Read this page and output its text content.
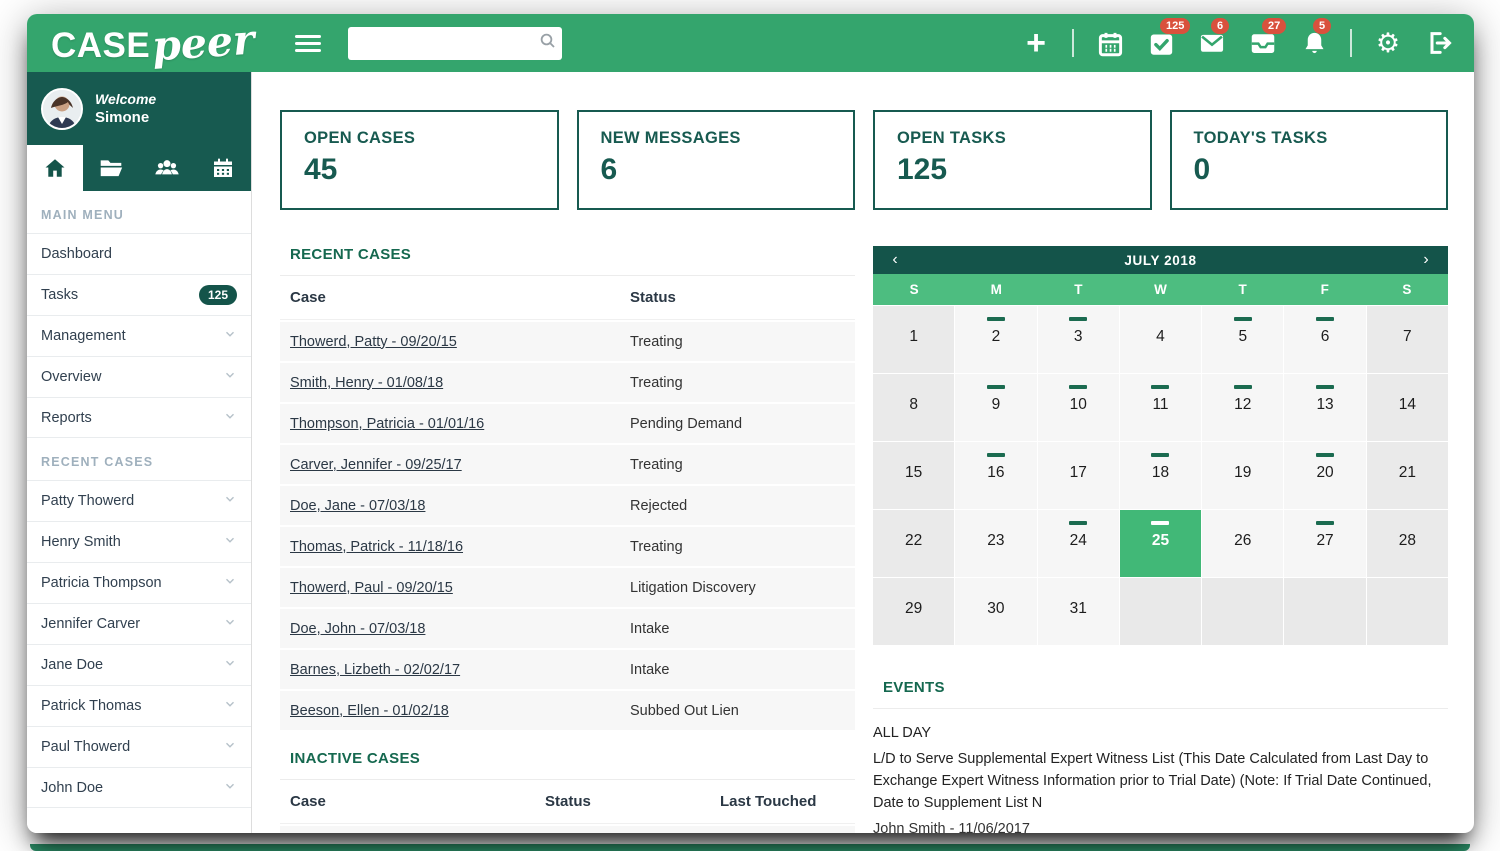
CASE peer	+	125	6	27	5
⚙
Welcome
Simone
MAIN MENU
Dashboard
Tasks	125
Management
Overview
Reports
RECENT CASES
Patty Thowerd
Henry Smith
Patricia Thompson
Jennifer Carver
Jane Doe
Patrick Thomas
Paul Thowerd
John Doe
OPEN CASES
45
NEW MESSAGES
6
OPEN TASKS
125
TODAY'S TASKS
0
RECENT CASES
Case	Status
Thowerd, Patty - 09/20/15	Treating
Smith, Henry - 01/08/18	Treating
Thompson, Patricia - 01/01/16	Pending Demand
Carver, Jennifer - 09/25/17	Treating
Doe, Jane - 07/03/18	Rejected
Thomas, Patrick - 11/18/16	Treating
Thowerd, Paul - 09/20/15	Litigation Discovery
Doe, John - 07/03/18	Intake
Barnes, Lizbeth - 02/02/17	Intake
Beeson, Ellen - 01/02/18	Subbed Out Lien
INACTIVE CASES
Case	Status	Last Touched
‹	JULY 2018	›
S	M	T	W	T	F	S
1	2	3	4	5	6	7
8	9	10	11	12	13	14
15	16	17	18	19	20	21
22	23	24	25	26	27	28
29	30	31
EVENTS
ALL DAY
L/D to Serve Supplemental Expert Witness List (This Date Calculated from Last Day to Exchange Expert Witness Information prior to Trial Date) (Note: If Trial Date Continued, Date to Supplement List N
John Smith - 11/06/2017
